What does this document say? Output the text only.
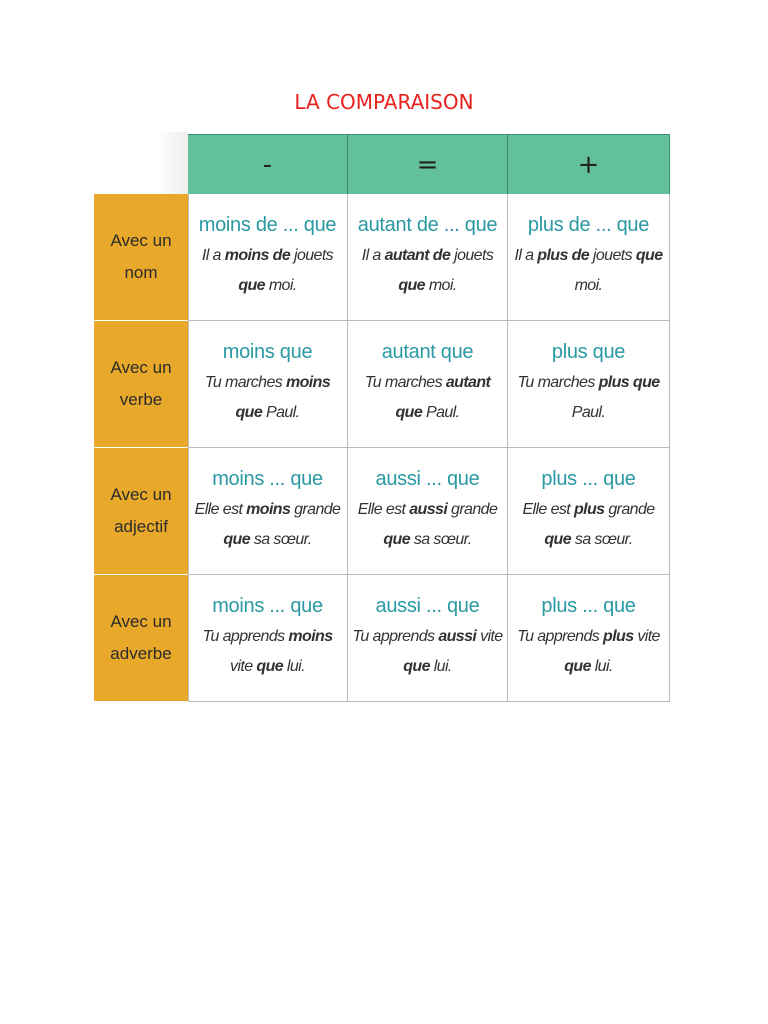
LA COMPARAISON
-	=	+
Avec un
nom
moins de ... que
Il a moins de jouets que moi.
autant de ... que
Il a autant de jouets que moi.
plus de ... que
Il a plus de jouets que moi.
Avec un
verbe
moins que
Tu marches moins que Paul.
autant que
Tu marches autant que Paul.
plus que
Tu marches plus que Paul.
Avec un
adjectif
moins ... que
Elle est moins grande que sa sœur.
aussi ... que
Elle est aussi grande que sa sœur.
plus ... que
Elle est plus grande que sa sœur.
Avec un
adverbe
moins ... que
Tu apprends moins vite que lui.
aussi ... que
Tu apprends aussi vite que lui.
plus ... que
Tu apprends plus vite que lui.
